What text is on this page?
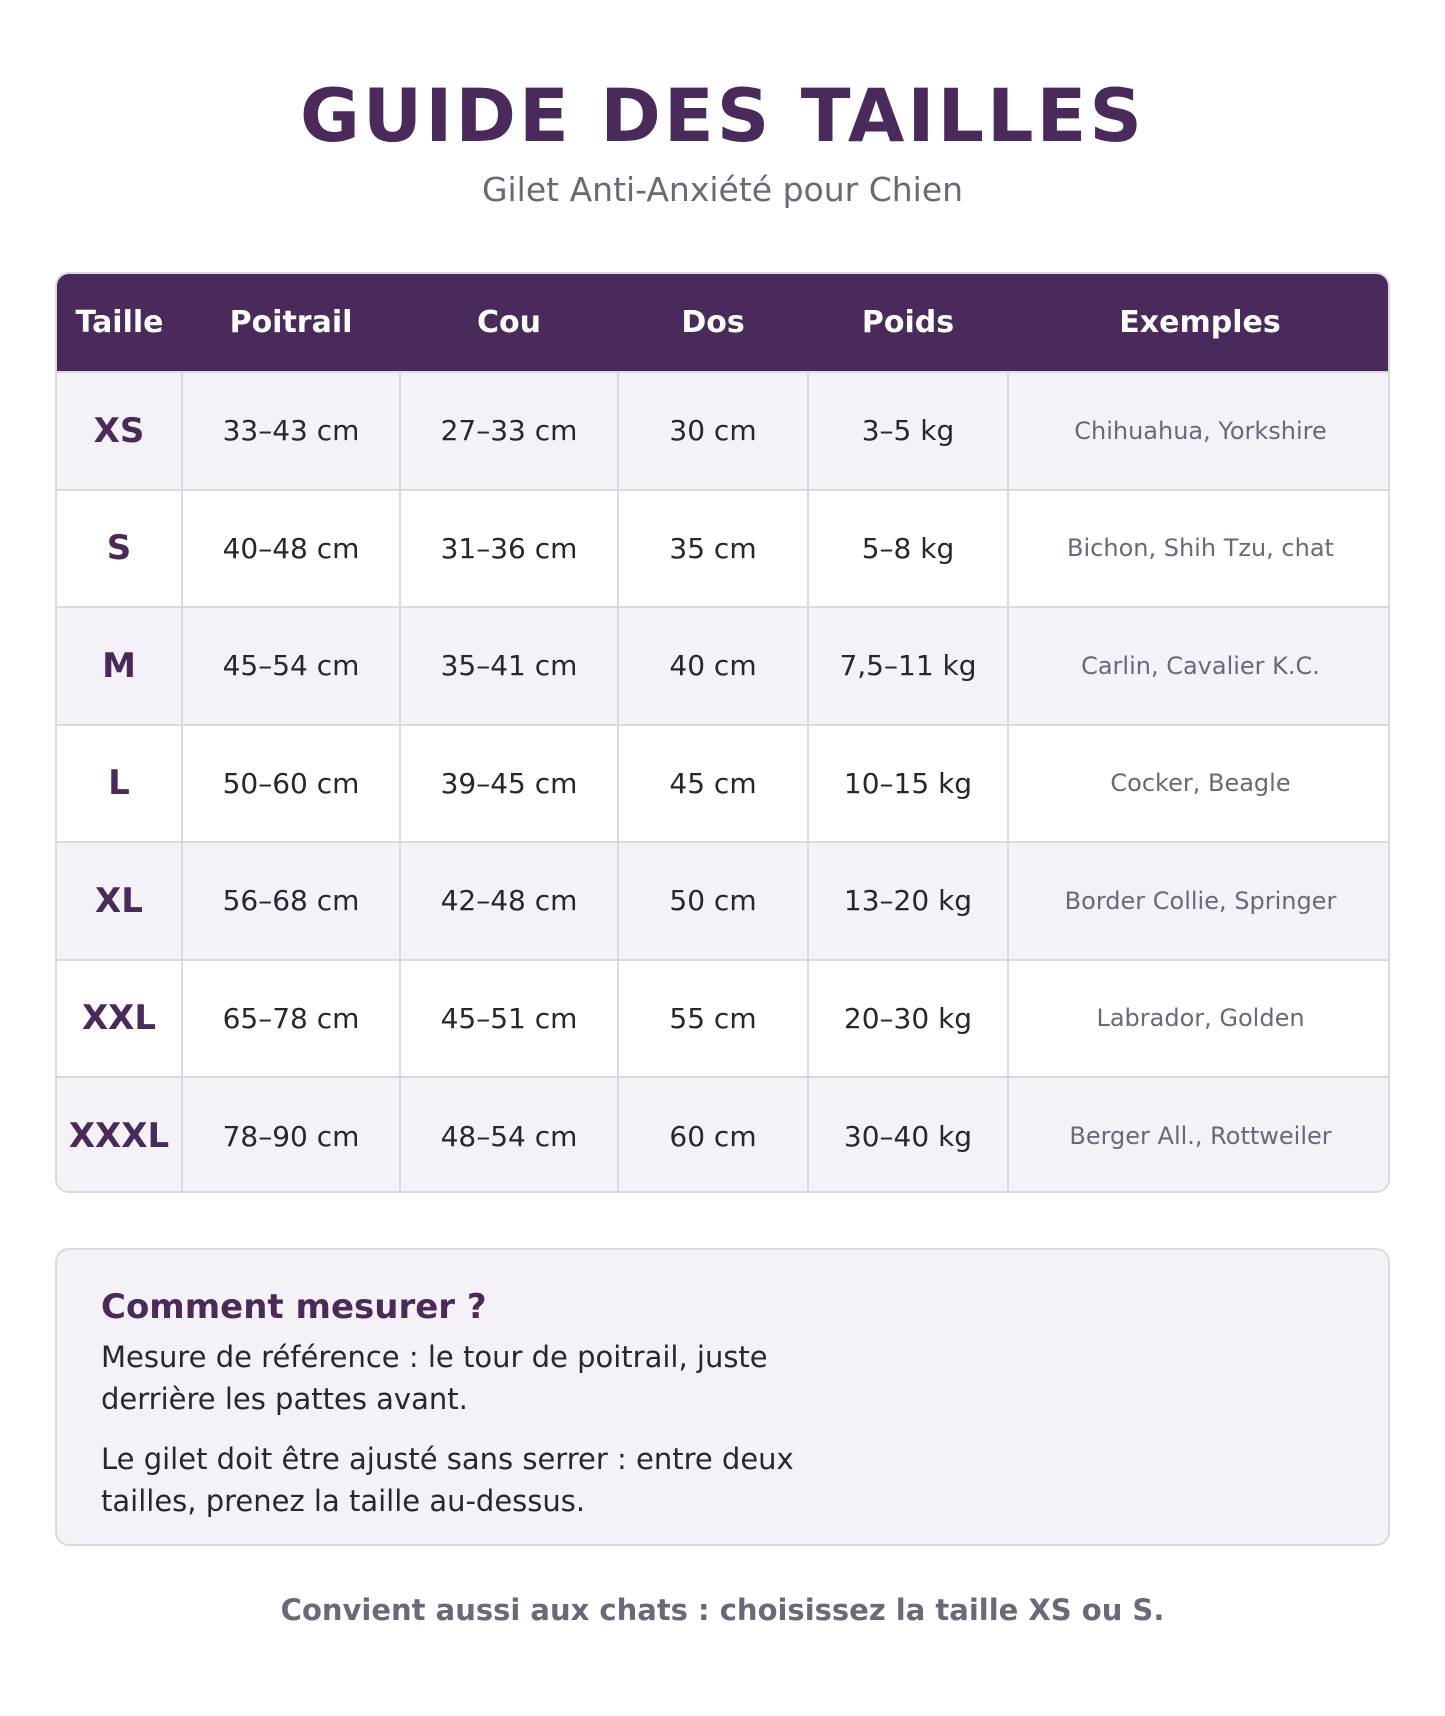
GUIDE DES TAILLES
Gilet Anti-Anxiété pour Chien
Taille	Poitrail	Cou	Dos	Poids	Exemples
XS	33–43 cm	27–33 cm	30 cm	3–5 kg	Chihuahua, Yorkshire
S	40–48 cm	31–36 cm	35 cm	5–8 kg	Bichon, Shih Tzu, chat
M	45–54 cm	35–41 cm	40 cm	7,5–11 kg	Carlin, Cavalier K.C.
L	50–60 cm	39–45 cm	45 cm	10–15 kg	Cocker, Beagle
XL	56–68 cm	42–48 cm	50 cm	13–20 kg	Border Collie, Springer
XXL	65–78 cm	45–51 cm	55 cm	20–30 kg	Labrador, Golden
XXXL	78–90 cm	48–54 cm	60 cm	30–40 kg	Berger All., Rottweiler
Comment mesurer ?

Mesure de référence : le tour de poitrail, juste derrière les pattes avant.

Le gilet doit être ajusté sans serrer : entre deux tailles, prenez la taille au-dessus.

Convient aussi aux chats : choisissez la taille XS ou S.
